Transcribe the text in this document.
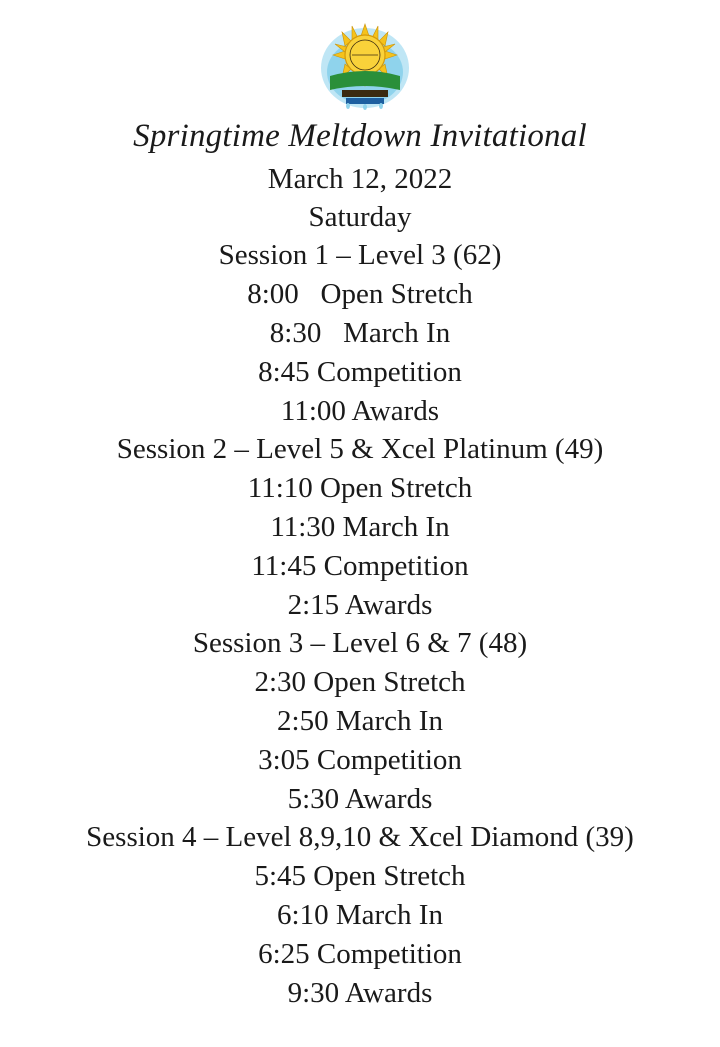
Springtime Meltdown Invitational
March 12, 2022
Saturday
Session 1 – Level 3 (62)
8:00   Open Stretch
8:30   March In
8:45 Competition
11:00 Awards
Session 2 – Level 5 & Xcel Platinum (49)
11:10 Open Stretch
11:30 March In
11:45 Competition
2:15 Awards
Session 3 – Level 6 & 7 (48)
2:30 Open Stretch
2:50 March In
3:05 Competition
5:30 Awards
Session 4 – Level 8,9,10 & Xcel Diamond (39)
5:45 Open Stretch
6:10 March In
6:25 Competition
9:30 Awards
